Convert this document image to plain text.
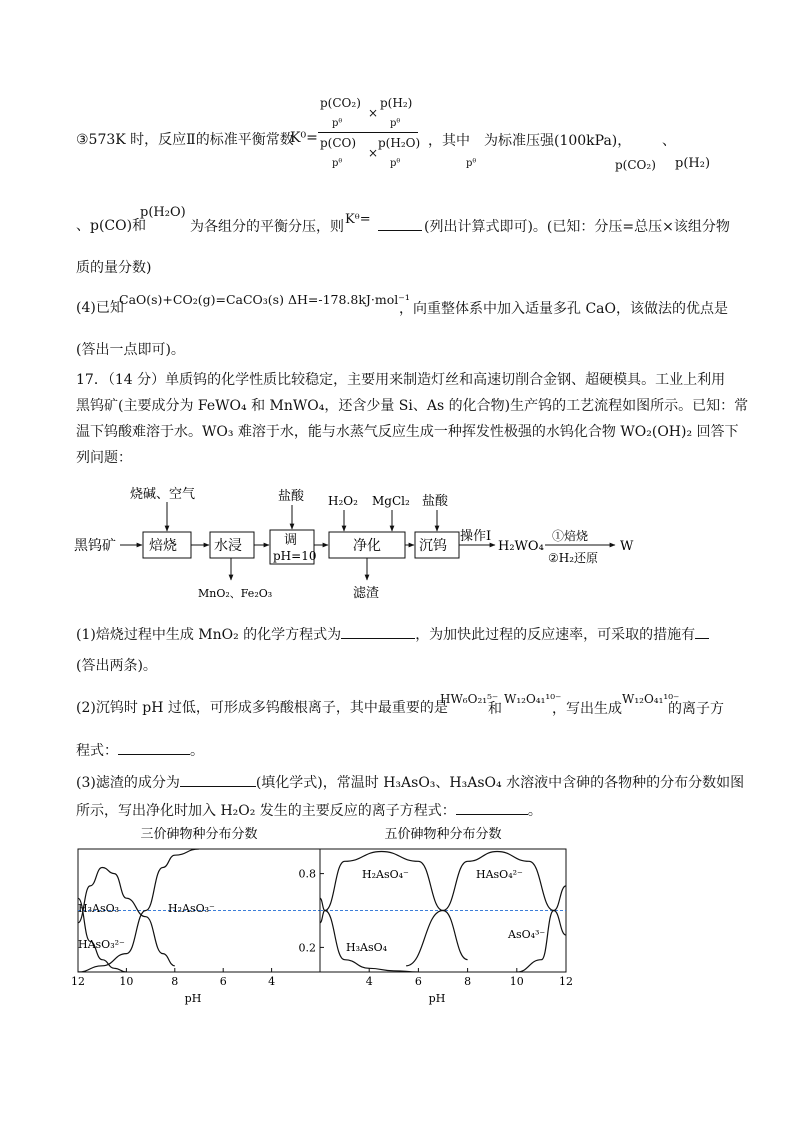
③573K 时，反应Ⅱ的标准平衡常数
K⁰=
p(CO₂)
×
p(H₂)
pᶿ	pᶿ
p(CO)
×
p(H₂O)
pᶿ	pᶿ
，其中
pᶿ
为标准压强(100kPa)， 、
p(CO₂) p(H₂)
、p(CO)和
p(H₂O)
为各组分的平衡分压，则 Kᶿ=	(列出计算式即可)。(已知：分压=总压×该组分物
质的量分数)
(4)已知
CaO(s)+CO₂(g)=CaCO₃(s) ΔH=-178.8kJ·mol⁻¹
，向重整体系中加入适量多孔 CaO，该做法的优点是
(答出一点即可)。
17．（14 分）单质钨的化学性质比较稳定，主要用来制造灯丝和高速切削合金钢、超硬模具。工业上利用
黑钨矿(主要成分为 FeWO₄ 和 MnWO₄，还含少量 Si、As 的化合物)生产钨的工艺流程如图所示。已知：常
温下钨酸难溶于水。WO₃ 难溶于水，能与水蒸气反应生成一种挥发性极强的水钨化合物 WO₂(OH)₂ 回答下
列问题：
黑钨矿 焙烧	水浸	调
pH=10
净化	沉钨
操作I
H₂WO₄
①焙烧
②H₂还原
W
烧碱、空气	盐酸 H₂O₂ MgCl₂ 盐酸
MnO₂、Fe₂O₃	滤渣
(1)焙烧过程中生成 MnO₂ 的化学方程式为	，为加快此过程的反应速率，可采取的措施有
(答出两条)。
(2)沉钨时 pH 过低，可形成多钨酸根离子，其中最重要的是
HW₆O₂₁⁵⁻
和
W₁₂O₄₁¹⁰⁻
，写出生成
W₁₂O₄₁¹⁰⁻
的离子方
程式：	。
(3)滤渣的成分为	(填化学式)，常温时 H₃AsO₃、H₃AsO₄ 水溶液中含砷的各物种的分布分数如图
所示，写出净化时加入 H₂O₂ 发生的主要反应的离子方程式：	。
三价砷物种分布分数
12	10	8	6	4
pH
H₃AsO₃	H₂AsO₃⁻
HAsO₃²⁻
五价砷物种分布分数
4	6	8	10	12
pH
0.2
0.8
H₃AsO₄
H₂AsO₄⁻	HAsO₄²⁻
AsO₄³⁻
